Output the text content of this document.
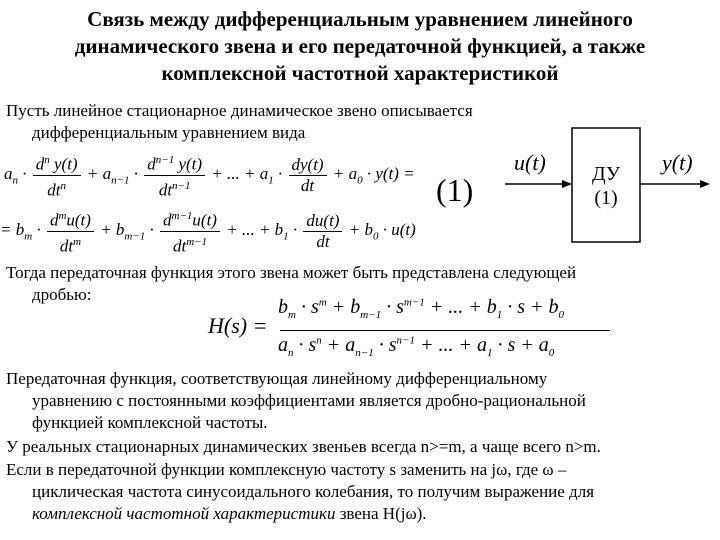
Связь между дифференциальным уравнением линейного
динамического звена и его передаточной функцией, а также
комплексной частотной характеристикой
Пусть линейное стационарное динамическое звено описывается
дифференциальным уравнением вида
$a_n \cdot \frac{d^n y(t)}{dt^n} + a_{n-1} \cdot \frac{d^{n-1} y(t)}{dt^{n-1}}$ + ... + $a_1 \cdot \frac{dy(t)}{dt} + a_0 \cdot y(t)$ =
= $b_m \cdot \frac{d^mu(t)}{dt^m} + b_{m-1} \cdot \frac{d^{m-1}u(t)}{dt^{m-1}}$ + ... + $b_1 \cdot \frac{du(t)}{dt} + b_0 \cdot u(t)$
(1)
u(t)	y(t)
ДУ
(1)
Тогда передаточная функция этого звена может быть представлена следующей
дробью:
H(s) =
$b_m \cdot s^m + b_{m-1} \cdot s^{m-1}$ + ... + $b_1 \cdot s + b_0$
$a_n \cdot s^n + a_{n-1} \cdot s^{n-1}$ + ... + $a_1 \cdot s + a_0$
Передаточная функция, соответствующая линейному дифференциальному
уравнению с постоянными коэффициентами является дробно-рациональной
функцией комплексной частоты.
У реальных стационарных динамических звеньев всегда n>=m, а чаще всего n>m.
Если в передаточной функции комплексную частоту s заменить на jω, где ω –
циклическая частота синусоидального колебания, то получим выражение для
комплексной частотной характеристики звена H(jω).
